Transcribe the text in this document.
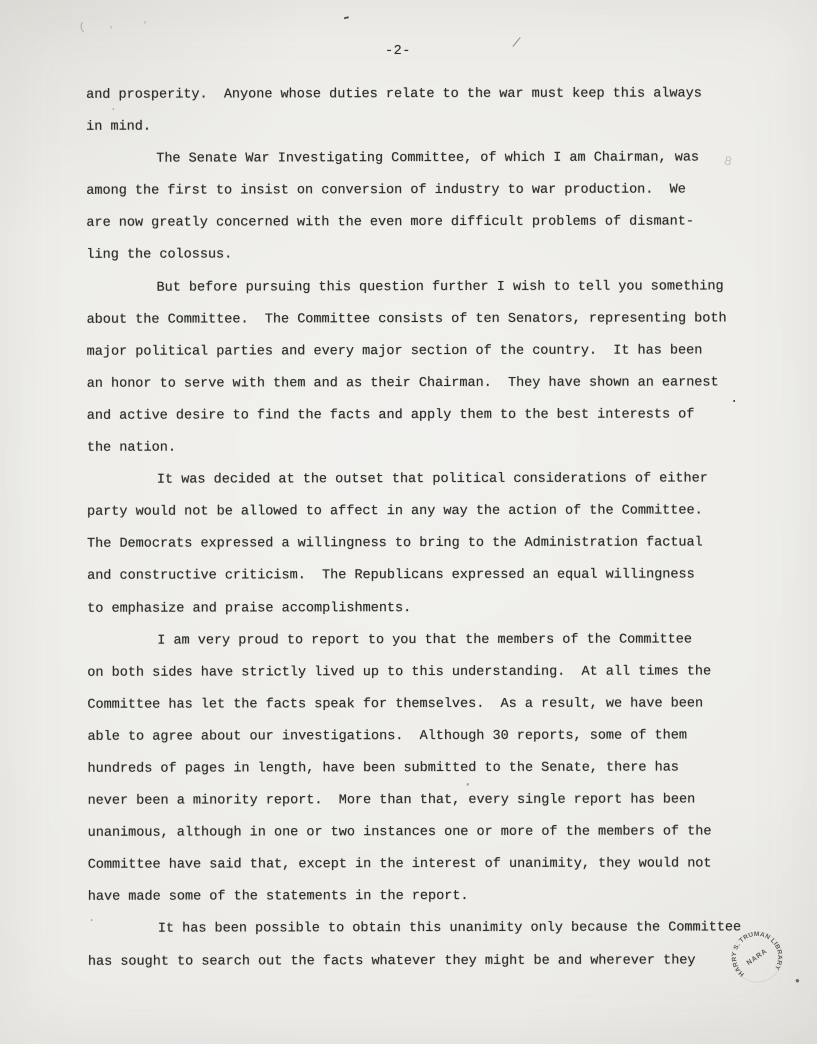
-2-
and prosperity.  Anyone whose duties relate to the war must keep this always
in mind.
The Senate War Investigating Committee, of which I am Chairman, was
among the first to insist on conversion of industry to war production.  We
are now greatly concerned with the even more difficult problems of dismant-
ling the colossus.
But before pursuing this question further I wish to tell you something
about the Committee.  The Committee consists of ten Senators, representing both
major political parties and every major section of the country.  It has been
an honor to serve with them and as their Chairman.  They have shown an earnest
and active desire to find the facts and apply them to the best interests of
the nation.
It was decided at the outset that political considerations of either
party would not be allowed to affect in any way the action of the Committee.
The Democrats expressed a willingness to bring to the Administration factual
and constructive criticism.  The Republicans expressed an equal willingness
to emphasize and praise accomplishments.
I am very proud to report to you that the members of the Committee
on both sides have strictly lived up to this understanding.  At all times the
Committee has let the facts speak for themselves.  As a result, we have been
able to agree about our investigations.  Although 30 reports, some of them
hundreds of pages in length, have been submitted to the Senate, there has
never been a minority report.  More than that, every single report has been
unanimous, although in one or two instances one or more of the members of the
Committee have said that, except in the interest of unanimity, they would not
have made some of the statements in the report.
It has been possible to obtain this unanimity only because the Committee
has sought to search out the facts whatever they might be and wherever they
HARRY S. TRUMAN LIBRARY
NARA
( ʹ	ʹ
▬
/
8
.
.
●
.
●
